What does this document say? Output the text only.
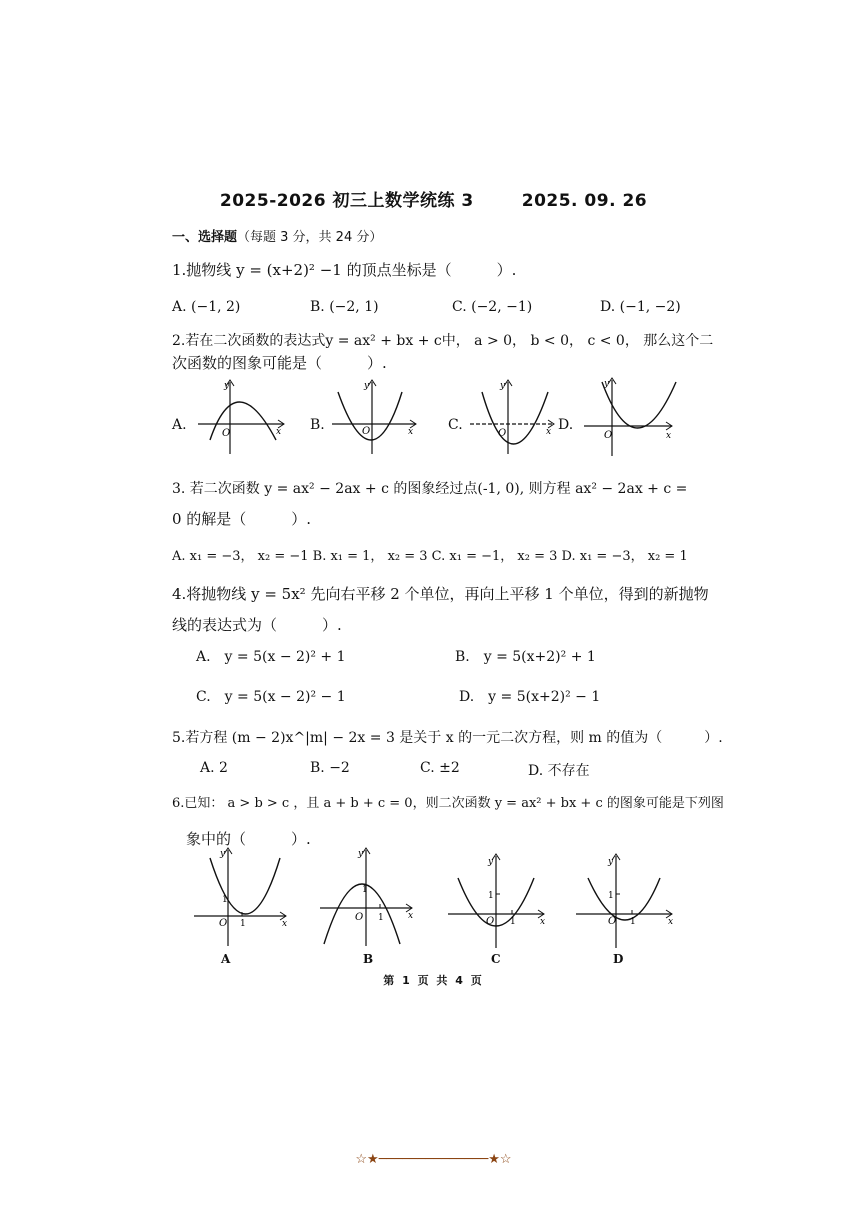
2025-2026 初三上数学统练 3	2025. 09. 26
一、选择题（每题 3 分，共 24 分）
1.抛物线 y = (x+2)² −1 的顶点坐标是（　　　）.
A. (−1, 2)	B. (−2, 1)	C. (−2, −1)	D. (−1, −2)
2.若在二次函数的表达式y = ax² + bx + c中， a > 0， b < 0， c < 0， 那么这个二
次函数的图象可能是（　　　）.
A.
O
y
x B.	O
y
x C.
O
y
x D.
O
y
x
3. 若二次函数 y = ax² − 2ax + c 的图象经过点(-1, 0), 则方程 ax² − 2ax + c =
0 的解是（　　　）.
A. x₁ = −3， x₂ = −1 B. x₁ = 1， x₂ = 3 C. x₁ = −1， x₂ = 3 D. x₁ = −3， x₂ = 1
4.将抛物线 y = 5x² 先向右平移 2 个单位，再向上平移 1 个单位，得到的新抛物
线的表达式为（　　　）.
A.　y = 5(x − 2)² + 1	B.　y = 5(x+2)² + 1
C.　y = 5(x − 2)² − 1	D.　y = 5(x+2)² − 1
5.若方程 (m − 2)x^|m| − 2x = 3 是关于 x 的一元二次方程，则 m 的值为（　　　）.
A. 2	B. −2	C. ±2	D. 不存在
6.已知： a > b > c ，且 a + b + c = 0，则二次函数 y = ax² + bx + c 的图象可能是下列图
象中的（　　　）.
O 1
1
y
x
A
O 1
1
y
x
B
O 1
1
y
x
C
O 1
1
y
x
D
第 1 页 共 4 页
☆★──────────────★☆
